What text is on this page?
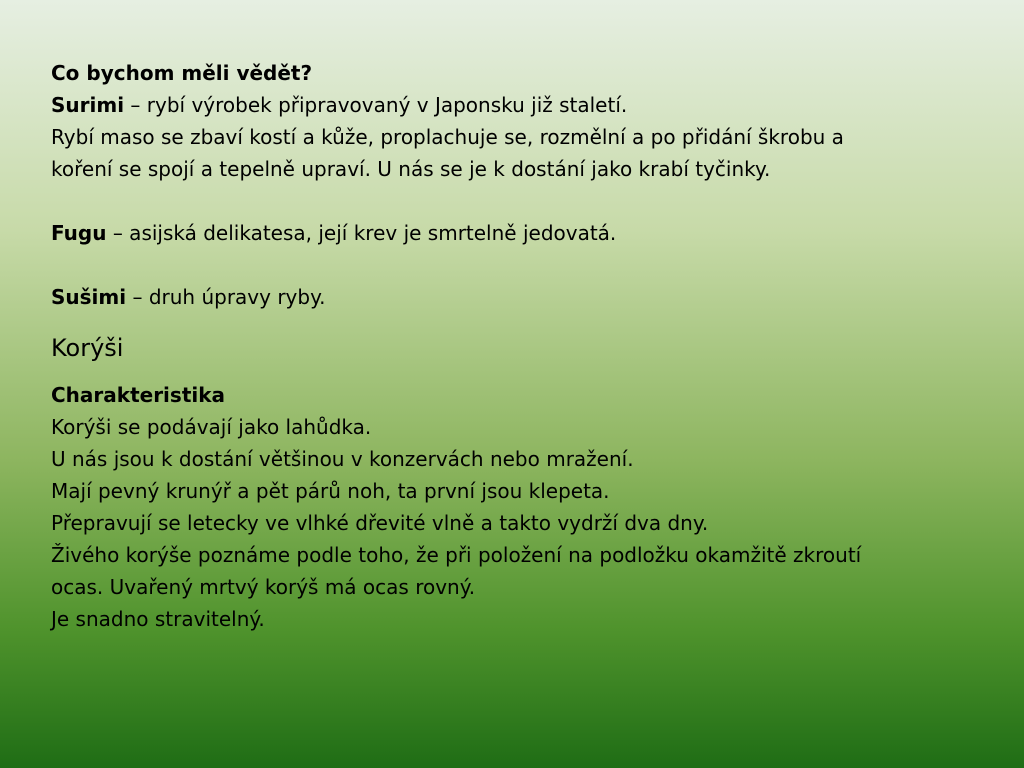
Co bychom měli vědět?
Surimi – rybí výrobek připravovaný v Japonsku již staletí.
Rybí maso se zbaví kostí a kůže, proplachuje se, rozmělní a po přidání škrobu a
koření se spojí a tepelně upraví. U nás se je k dostání jako krabí tyčinky.
Fugu – asijská delikatesa, její krev je smrtelně jedovatá.
Sušimi – druh úpravy ryby.
Korýši
Charakteristika
Korýši se podávají jako lahůdka.
U nás jsou k dostání většinou v konzervách nebo mražení.
Mají pevný krunýř a pět párů noh, ta první jsou klepeta.
Přepravují se letecky ve vlhké dřevité vlně a takto vydrží dva dny.
Živého korýše poznáme podle toho, že při položení na podložku okamžitě zkroutí
ocas. Uvařený mrtvý korýš má ocas rovný.
Je snadno stravitelný.
